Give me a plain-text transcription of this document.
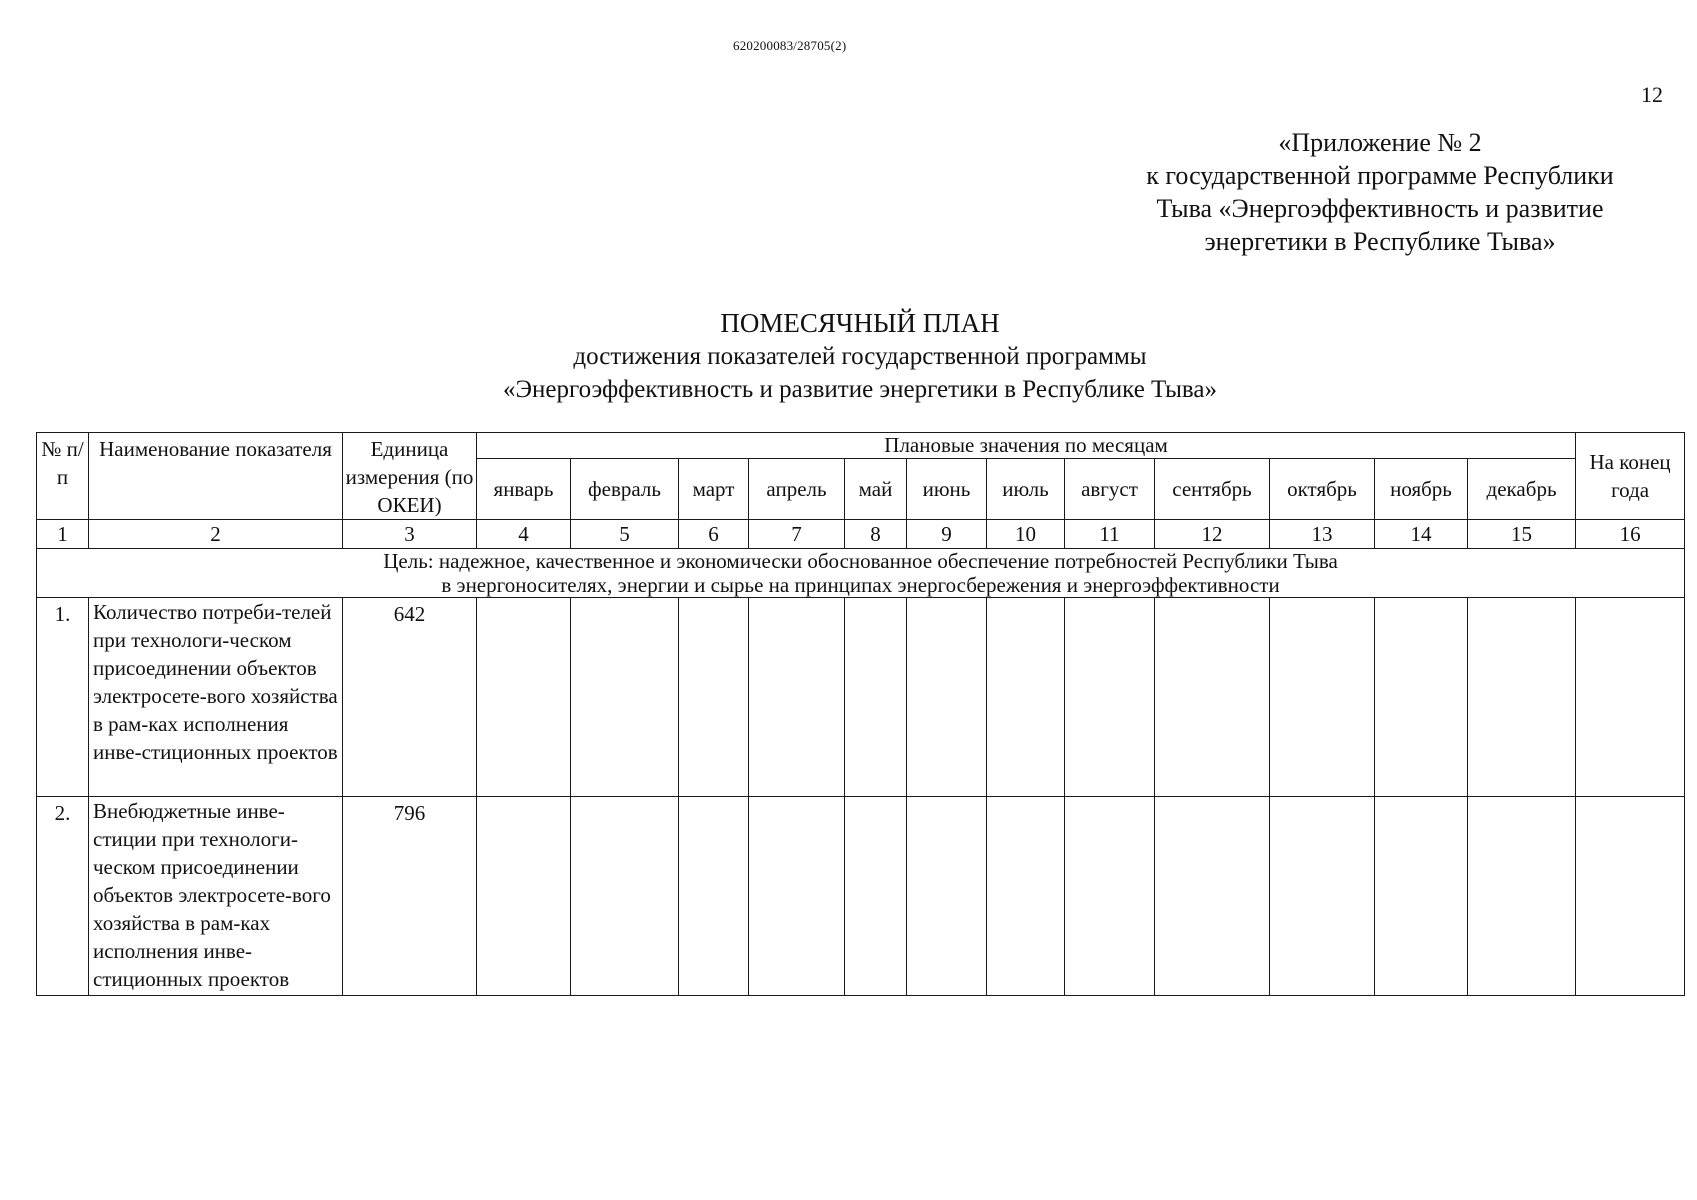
620200083/28705(2)
12
«Приложение № 2
к государственной программе Республики
Тыва «Энергоэффективность и развитие
энергетики в Республике Тыва»
ПОМЕСЯЧНЫЙ ПЛАН
достижения показателей государственной программы
«Энергоэффективность и развитие энергетики в Республике Тыва»
№ п/п	Наименование показателя	Единица измерения (по ОКЕИ)	Плановые значения по месяцам												На конец года
			январь	февраль	март	апрель	май	июнь	июль	август	сентябрь	октябрь	ноябрь	декабрь	
1	2	3	4	5	6	7	8	9	10	11	12	13	14	15	16

Цель: надежное, качественное и экономически обоснованное обеспечение потребностей Республики Тыва
в энергоносителях, энергии и сырье на принципах энергосбережения и энергоэффективности															

1.	Количество потреби-телей при технологи-ческом присоединении объектов электросете-вого хозяйства в рам-ках исполнения инве-стиционных проектов	642													
2.	Внебюджетные инве-стиции при технологи-ческом присоединении объектов электросете-вого хозяйства в рам-ках исполнения инве-стиционных проектов	796													
